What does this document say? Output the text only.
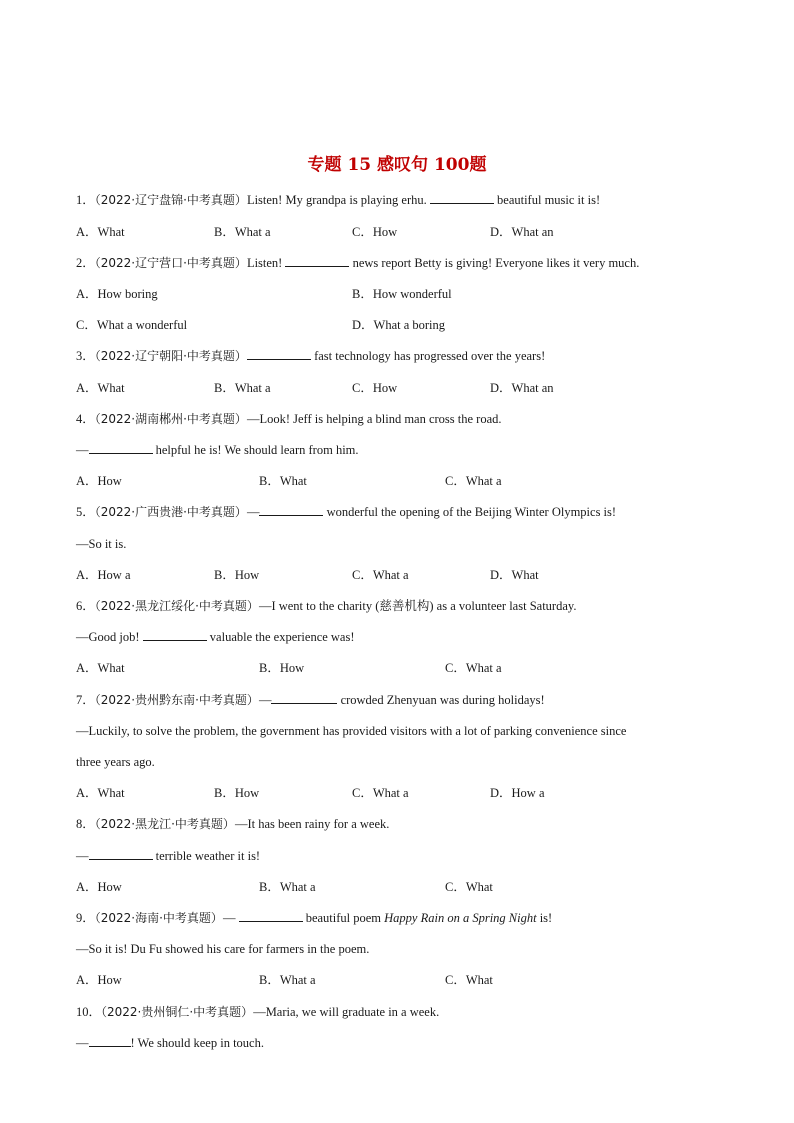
专题 15 感叹句 100题
1．（2022·辽宁盘锦·中考真题）Listen! My grandpa is playing erhu.	beautiful music it is!
A．What	B．What a	C．How	D．What an
2．（2022·辽宁营口·中考真题）Listen!	news report Betty is giving! Everyone likes it very much.
A．How boring	B．How wonderful
C．What a wonderful	D．What a boring
3．（2022·辽宁朝阳·中考真题）	fast technology has progressed over the years!
A．What	B．What a	C．How	D．What an
4．（2022·湖南郴州·中考真题）—Look! Jeff is helping a blind man cross the road.
—	helpful he is! We should learn from him.
A．How	B．What	C．What a
5．（2022·广西贵港·中考真题）—	wonderful the opening of the Beijing Winter Olympics is!
—So it is.
A．How a	B．How	C．What a	D．What
6．（2022·黑龙江绥化·中考真题）—I went to the charity (慈善机构) as a volunteer last Saturday.
—Good job!	valuable the experience was!
A．What	B．How	C．What a
7．（2022·贵州黔东南·中考真题）—	crowded Zhenyuan was during holidays!
—Luckily, to solve the problem, the government has provided visitors with a lot of parking convenience since
three years ago.
A．What	B．How	C．What a	D．How a
8．（2022·黑龙江·中考真题）—It has been rainy for a week.
—	terrible weather it is!
A．How	B．What a	C．What
9．（2022·海南·中考真题）—	beautiful poem Happy Rain on a Spring Night is!
—So it is! Du Fu showed his care for farmers in the poem.
A．How	B．What a	C．What
10．（2022·贵州铜仁·中考真题）—Maria, we will graduate in a week.
—	! We should keep in touch.
